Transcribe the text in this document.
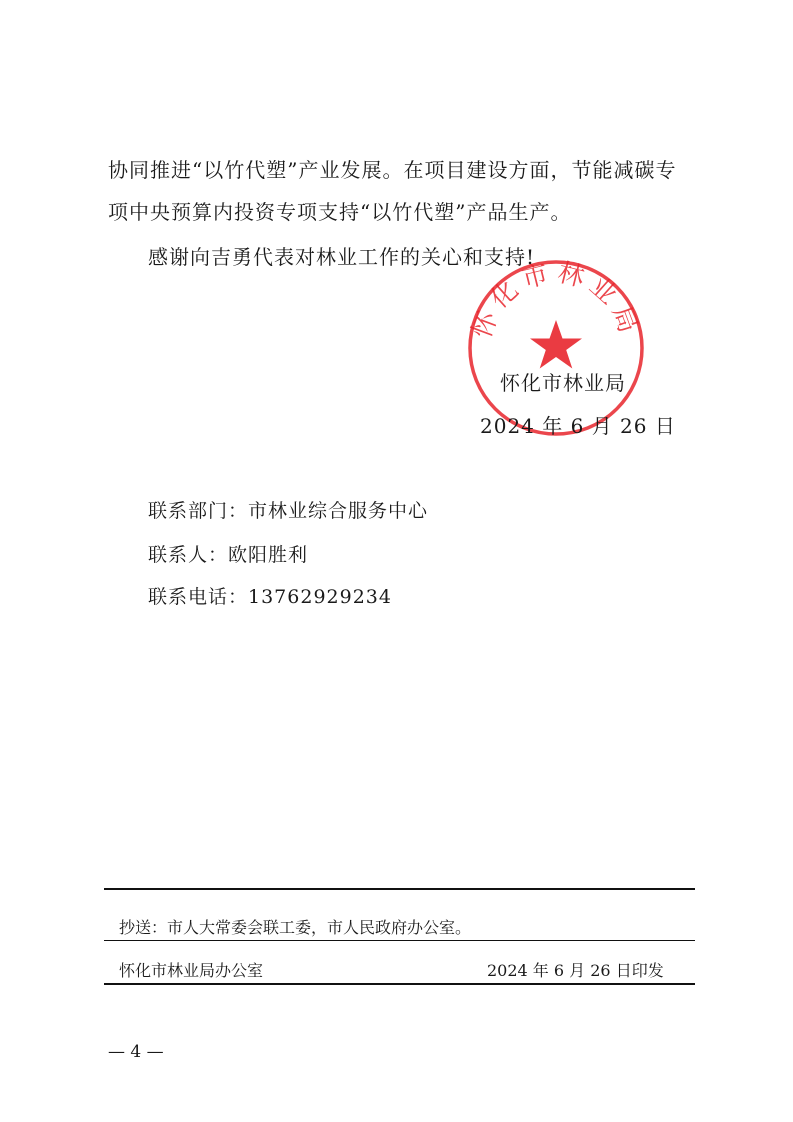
协同推进“以竹代塑”产业发展。在项目建设方面，节能减碳专
项中央预算内投资专项支持“以竹代塑”产品生产。
感谢向吉勇代表对林业工作的关心和支持!
怀化市林业局
怀化市林业局
2024 年 6 月 26 日
联系部门：市林业综合服务中心
联系人：欧阳胜利
联系电话：13762929234
抄送：市人大常委会联工委，市人民政府办公室。
怀化市林业局办公室	2024 年 6 月 26 日印发
— 4 —
